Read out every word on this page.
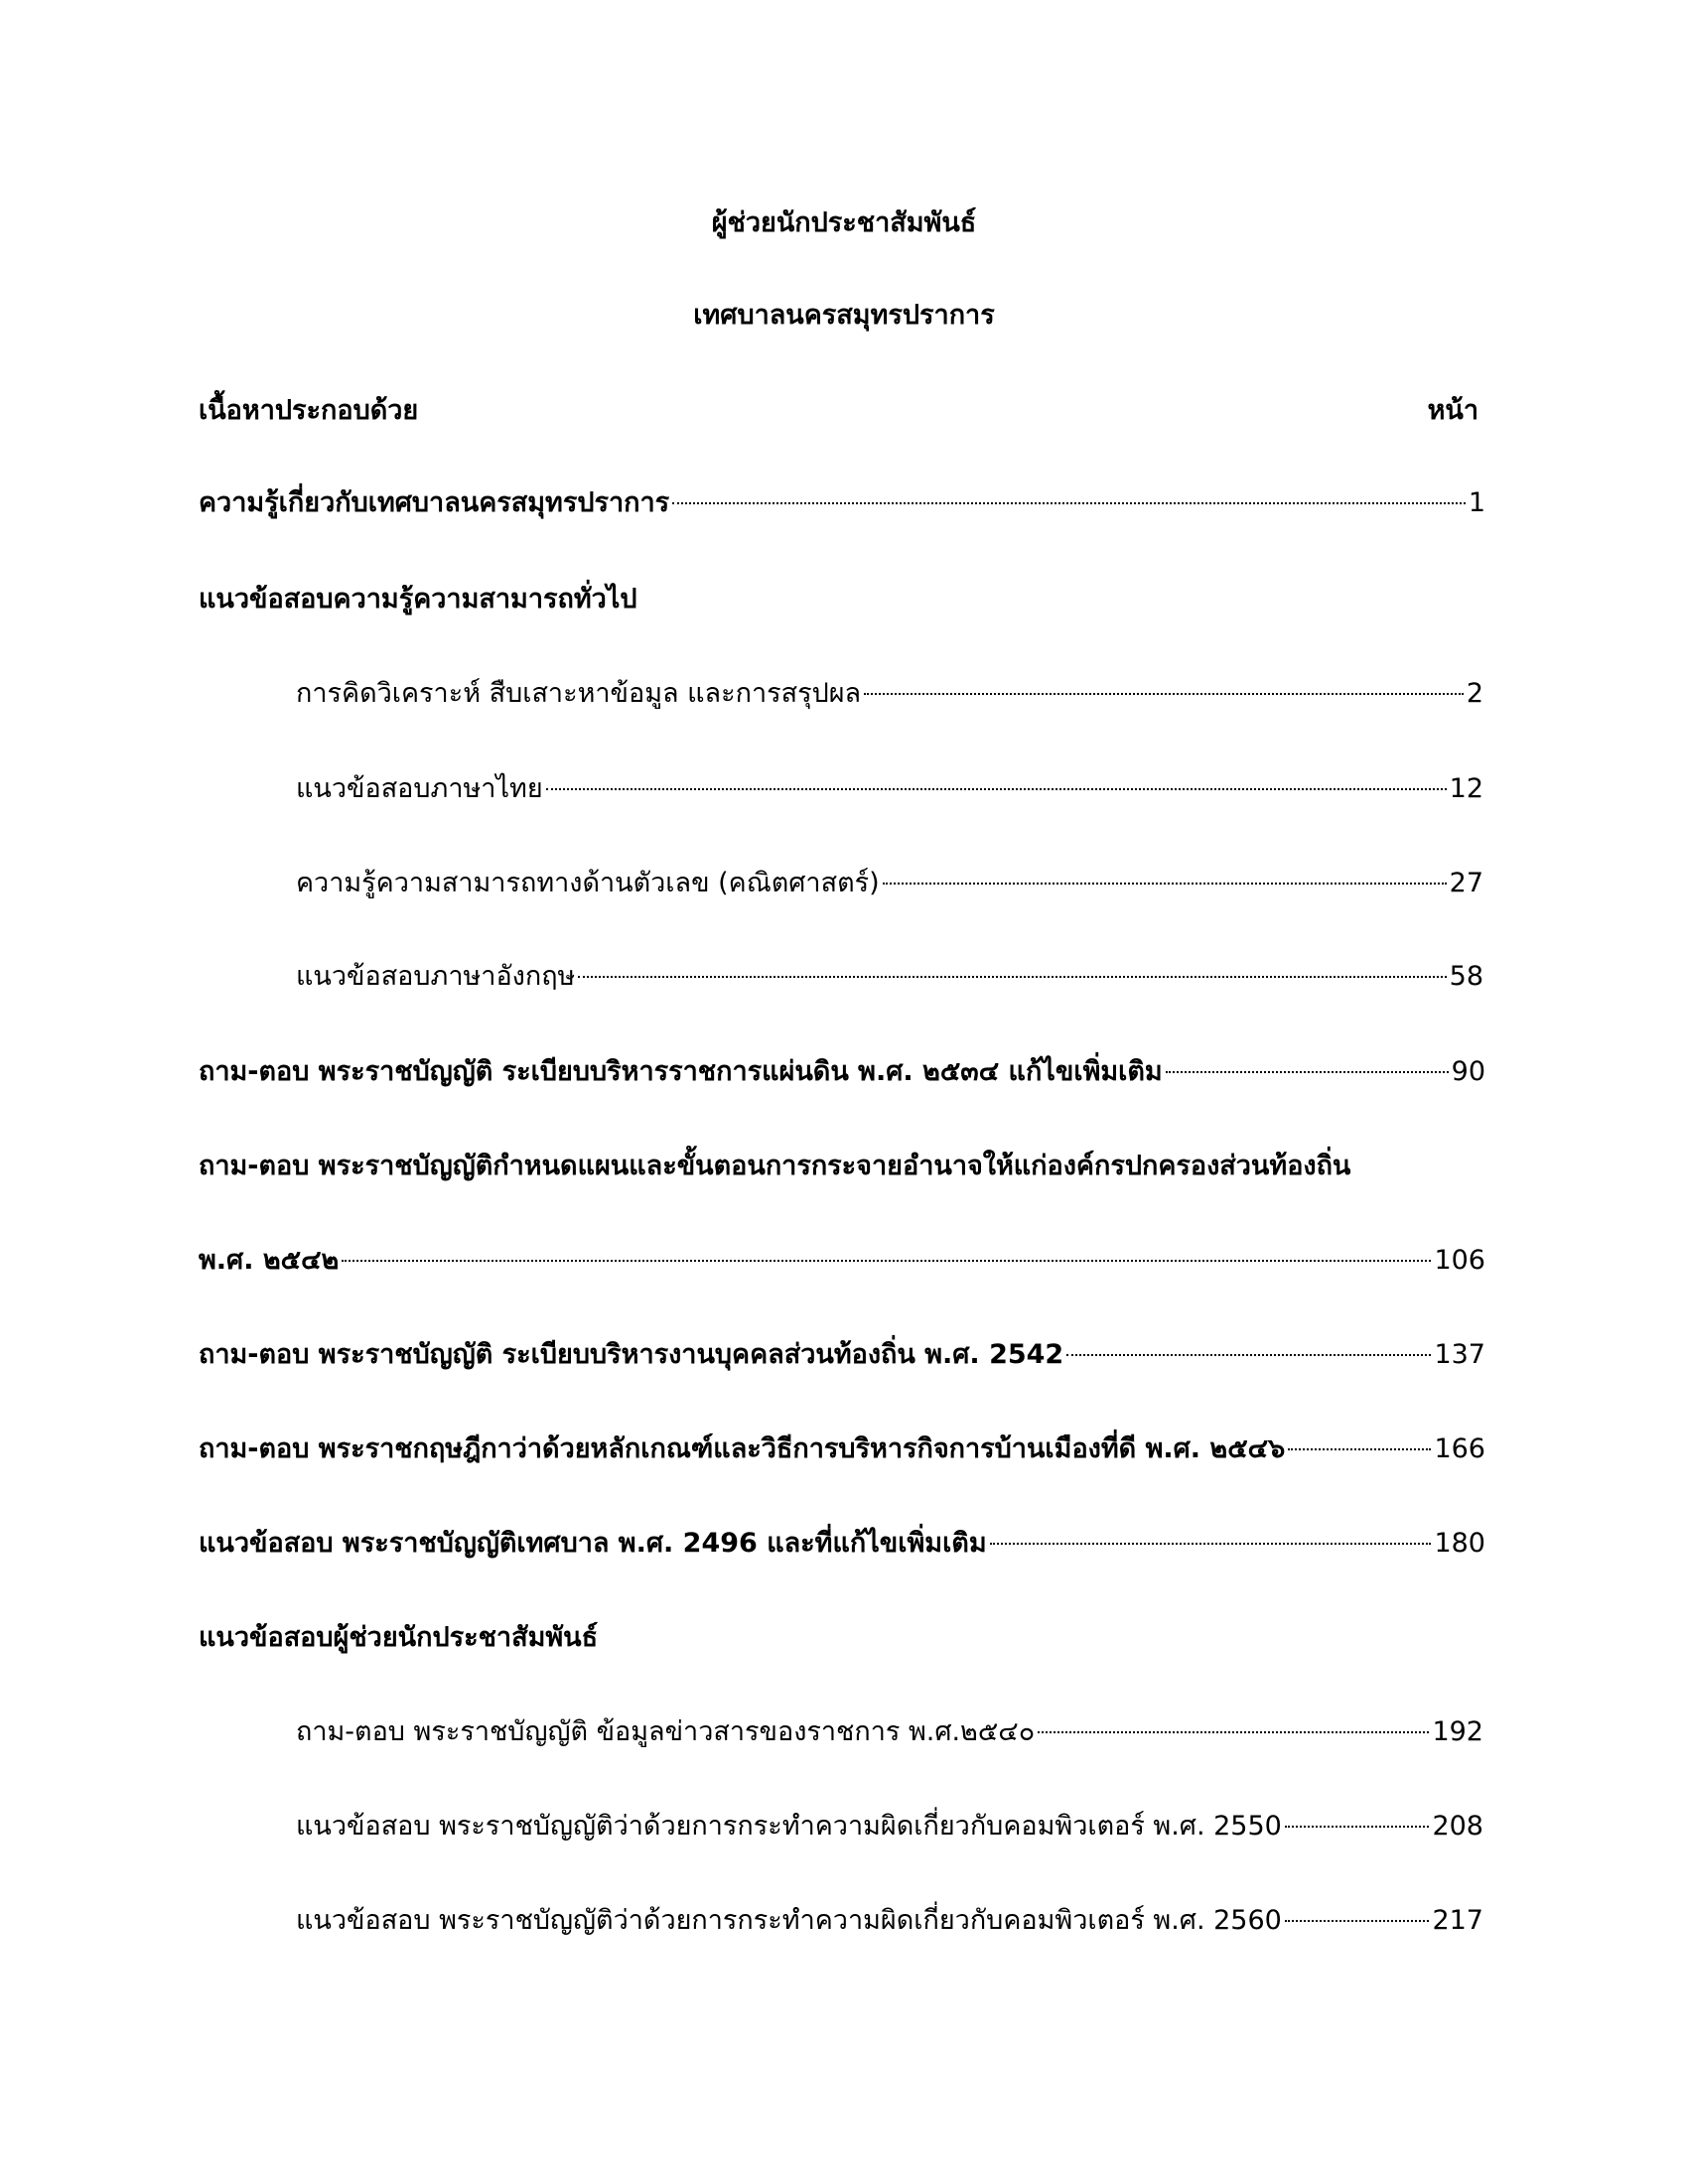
ผู้ช่วยนักประชาสัมพันธ์
เทศบาลนครสมุทรปราการ
เนื้อหาประกอบด้วย	หน้า
ความรู้เกี่ยวกับเทศบาลนครสมุทรปราการ	1
แนวข้อสอบความรู้ความสามารถทั่วไป
การคิดวิเคราะห์ สืบเสาะหาข้อมูล และการสรุปผล	2
แนวข้อสอบภาษาไทย	12
ความรู้ความสามารถทางด้านตัวเลข (คณิตศาสตร์)	27
แนวข้อสอบภาษาอังกฤษ	58
ถาม-ตอบ พระราชบัญญัติ ระเบียบบริหารราชการแผ่นดิน พ.ศ. ๒๕๓๔ แก้ไขเพิ่มเติม	90
ถาม-ตอบ พระราชบัญญัติกำหนดแผนและขั้นตอนการกระจายอำนาจให้แก่องค์กรปกครองส่วนท้องถิ่น
พ.ศ. ๒๕๔๒	106
ถาม-ตอบ พระราชบัญญัติ ระเบียบบริหารงานบุคคลส่วนท้องถิ่น พ.ศ. 2542	137
ถาม-ตอบ พระราชกฤษฎีกาว่าด้วยหลักเกณฑ์และวิธีการบริหารกิจการบ้านเมืองที่ดี พ.ศ. ๒๕๔๖	166
แนวข้อสอบ พระราชบัญญัติเทศบาล พ.ศ. 2496 และที่แก้ไขเพิ่มเติม	180
แนวข้อสอบผู้ช่วยนักประชาสัมพันธ์
ถาม-ตอบ พระราชบัญญัติ ข้อมูลข่าวสารของราชการ พ.ศ.๒๕๔๐	192
แนวข้อสอบ พระราชบัญญัติว่าด้วยการกระทำความผิดเกี่ยวกับคอมพิวเตอร์ พ.ศ. 2550	208
แนวข้อสอบ พระราชบัญญัติว่าด้วยการกระทำความผิดเกี่ยวกับคอมพิวเตอร์ พ.ศ. 2560	217
